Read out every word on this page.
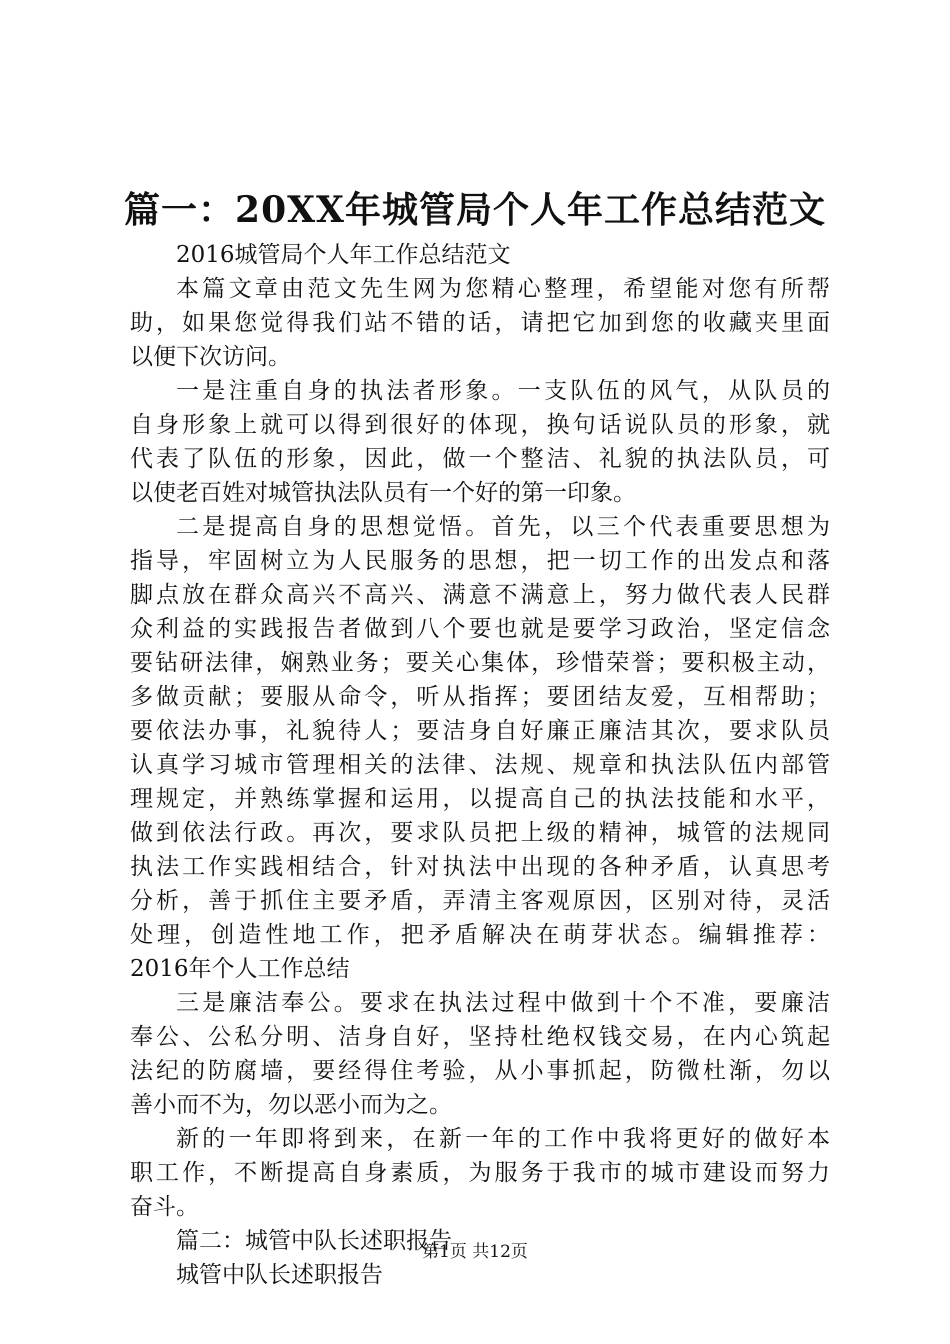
篇一：20XX年城管局个人年工作总结范文
2016城管局个人年工作总结范文
本篇文章由范文先生网为您精心整理，希望能对您有所帮
助，如果您觉得我们站不错的话，请把它加到您的收藏夹里面
以便下次访问。
一是注重自身的执法者形象。一支队伍的风气，从队员的
自身形象上就可以得到很好的体现，换句话说队员的形象，就
代表了队伍的形象，因此，做一个整洁、礼貌的执法队员，可
以使老百姓对城管执法队员有一个好的第一印象。
二是提高自身的思想觉悟。首先，以三个代表重要思想为
指导，牢固树立为人民服务的思想，把一切工作的出发点和落
脚点放在群众高兴不高兴、满意不满意上，努力做代表人民群
众利益的实践报告者做到八个要也就是要学习政治，坚定信念
要钻研法律，娴熟业务；要关心集体，珍惜荣誉；要积极主动，
多做贡献；要服从命令，听从指挥；要团结友爱，互相帮助；
要依法办事，礼貌待人；要洁身自好廉正廉洁其次，要求队员
认真学习城市管理相关的法律、法规、规章和执法队伍内部管
理规定，并熟练掌握和运用，以提高自己的执法技能和水平，
做到依法行政。再次，要求队员把上级的精神，城管的法规同
执法工作实践相结合，针对执法中出现的各种矛盾，认真思考
分析，善于抓住主要矛盾，弄清主客观原因，区别对待，灵活
处理，创造性地工作，把矛盾解决在萌芽状态。编辑推荐：
2016年个人工作总结
三是廉洁奉公。要求在执法过程中做到十个不准，要廉洁
奉公、公私分明、洁身自好，坚持杜绝权钱交易，在内心筑起
法纪的防腐墙，要经得住考验，从小事抓起，防微杜渐，勿以
善小而不为，勿以恶小而为之。
新的一年即将到来，在新一年的工作中我将更好的做好本
职工作，不断提高自身素质，为服务于我市的城市建设而努力
奋斗。
篇二：城管中队长述职报告
城管中队长述职报告
第1页 共12页
